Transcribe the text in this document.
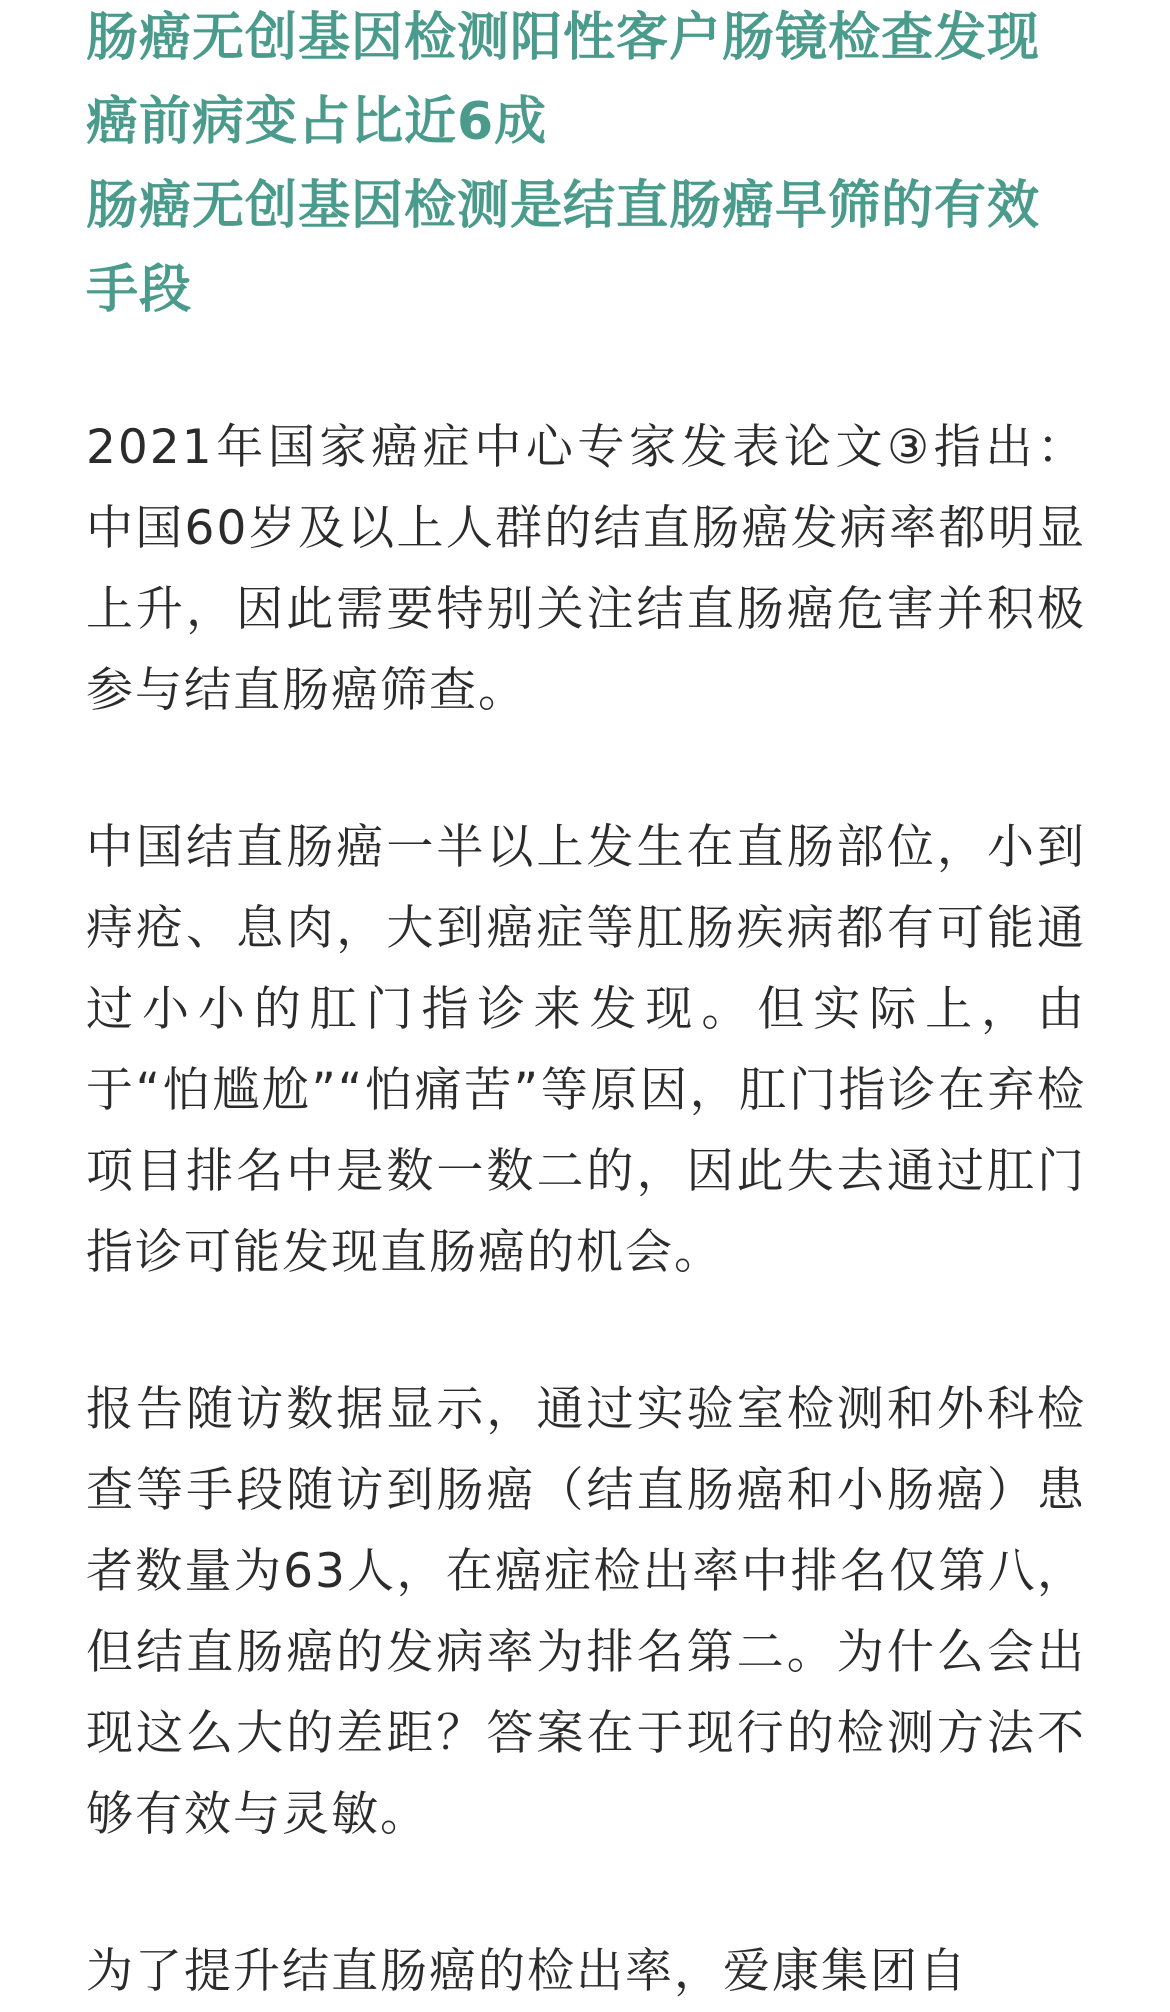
肠癌无创基因检测阳性客户肠镜检查发现癌前病变占比近6成

肠癌无创基因检测是结直肠癌早筛的有效手段

2021年国家癌症中心专家发表论文③指出：中国60岁及以上人群的结直肠癌发病率都明显上升，因此需要特别关注结直肠癌危害并积极参与结直肠癌筛查。

中国结直肠癌一半以上发生在直肠部位，小到痔疮、息肉，大到癌症等肛肠疾病都有可能通过小小的肛门指诊来发现。但实际上，由于“怕尴尬”“怕痛苦”等原因，肛门指诊在弃检项目排名中是数一数二的，因此失去通过肛门指诊可能发现直肠癌的机会。

报告随访数据显示，通过实验室检测和外科检查等手段随访到肠癌（结直肠癌和小肠癌）患者数量为63人，在癌症检出率中排名仅第八，但结直肠癌的发病率为排名第二。为什么会出现这么大的差距？答案在于现行的检测方法不够有效与灵敏。

为了提升结直肠癌的检出率，爱康集团自
